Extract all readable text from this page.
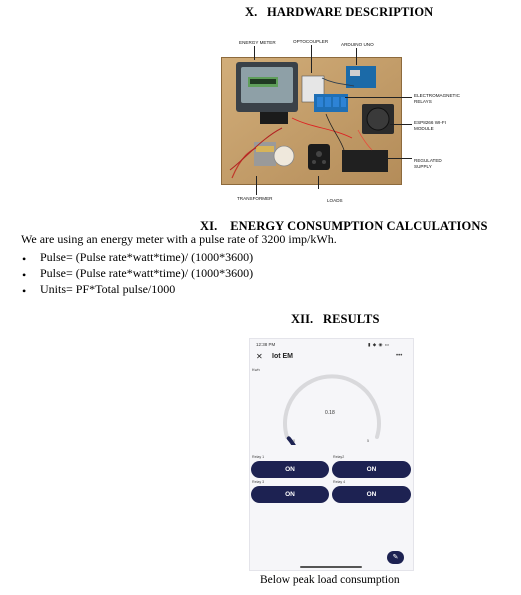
X. HARDWARE DESCRIPTION
ENERGY METER	OPTOCOUPLER
ARDUINO UNO
ELECTROMAGNETIC
RELAYS
ESP8266 WI-FI
MODULE
REGULATED
SUPPLY
TRANSFORMER	LOADS
XI. ENERGY CONSUMPTION CALCULATIONS
We are using an energy meter with a pulse rate of 3200 imp/kWh.
• Pulse= (Pulse rate*watt*time)/ (1000*3600)
• Pulse= (Pulse rate*watt*time)/ (1000*3600)
• Units= PF*Total pulse/1000
XII. RESULTS
12:38 PM	▮ ◆ ◉ ▭
✕ Iot EM	•••
Kwh
0.18
0	5
Relay 1
ON
Relay2
ON
Relay 3
ON
Relay 4
ON
✎
Below peak load consumption
